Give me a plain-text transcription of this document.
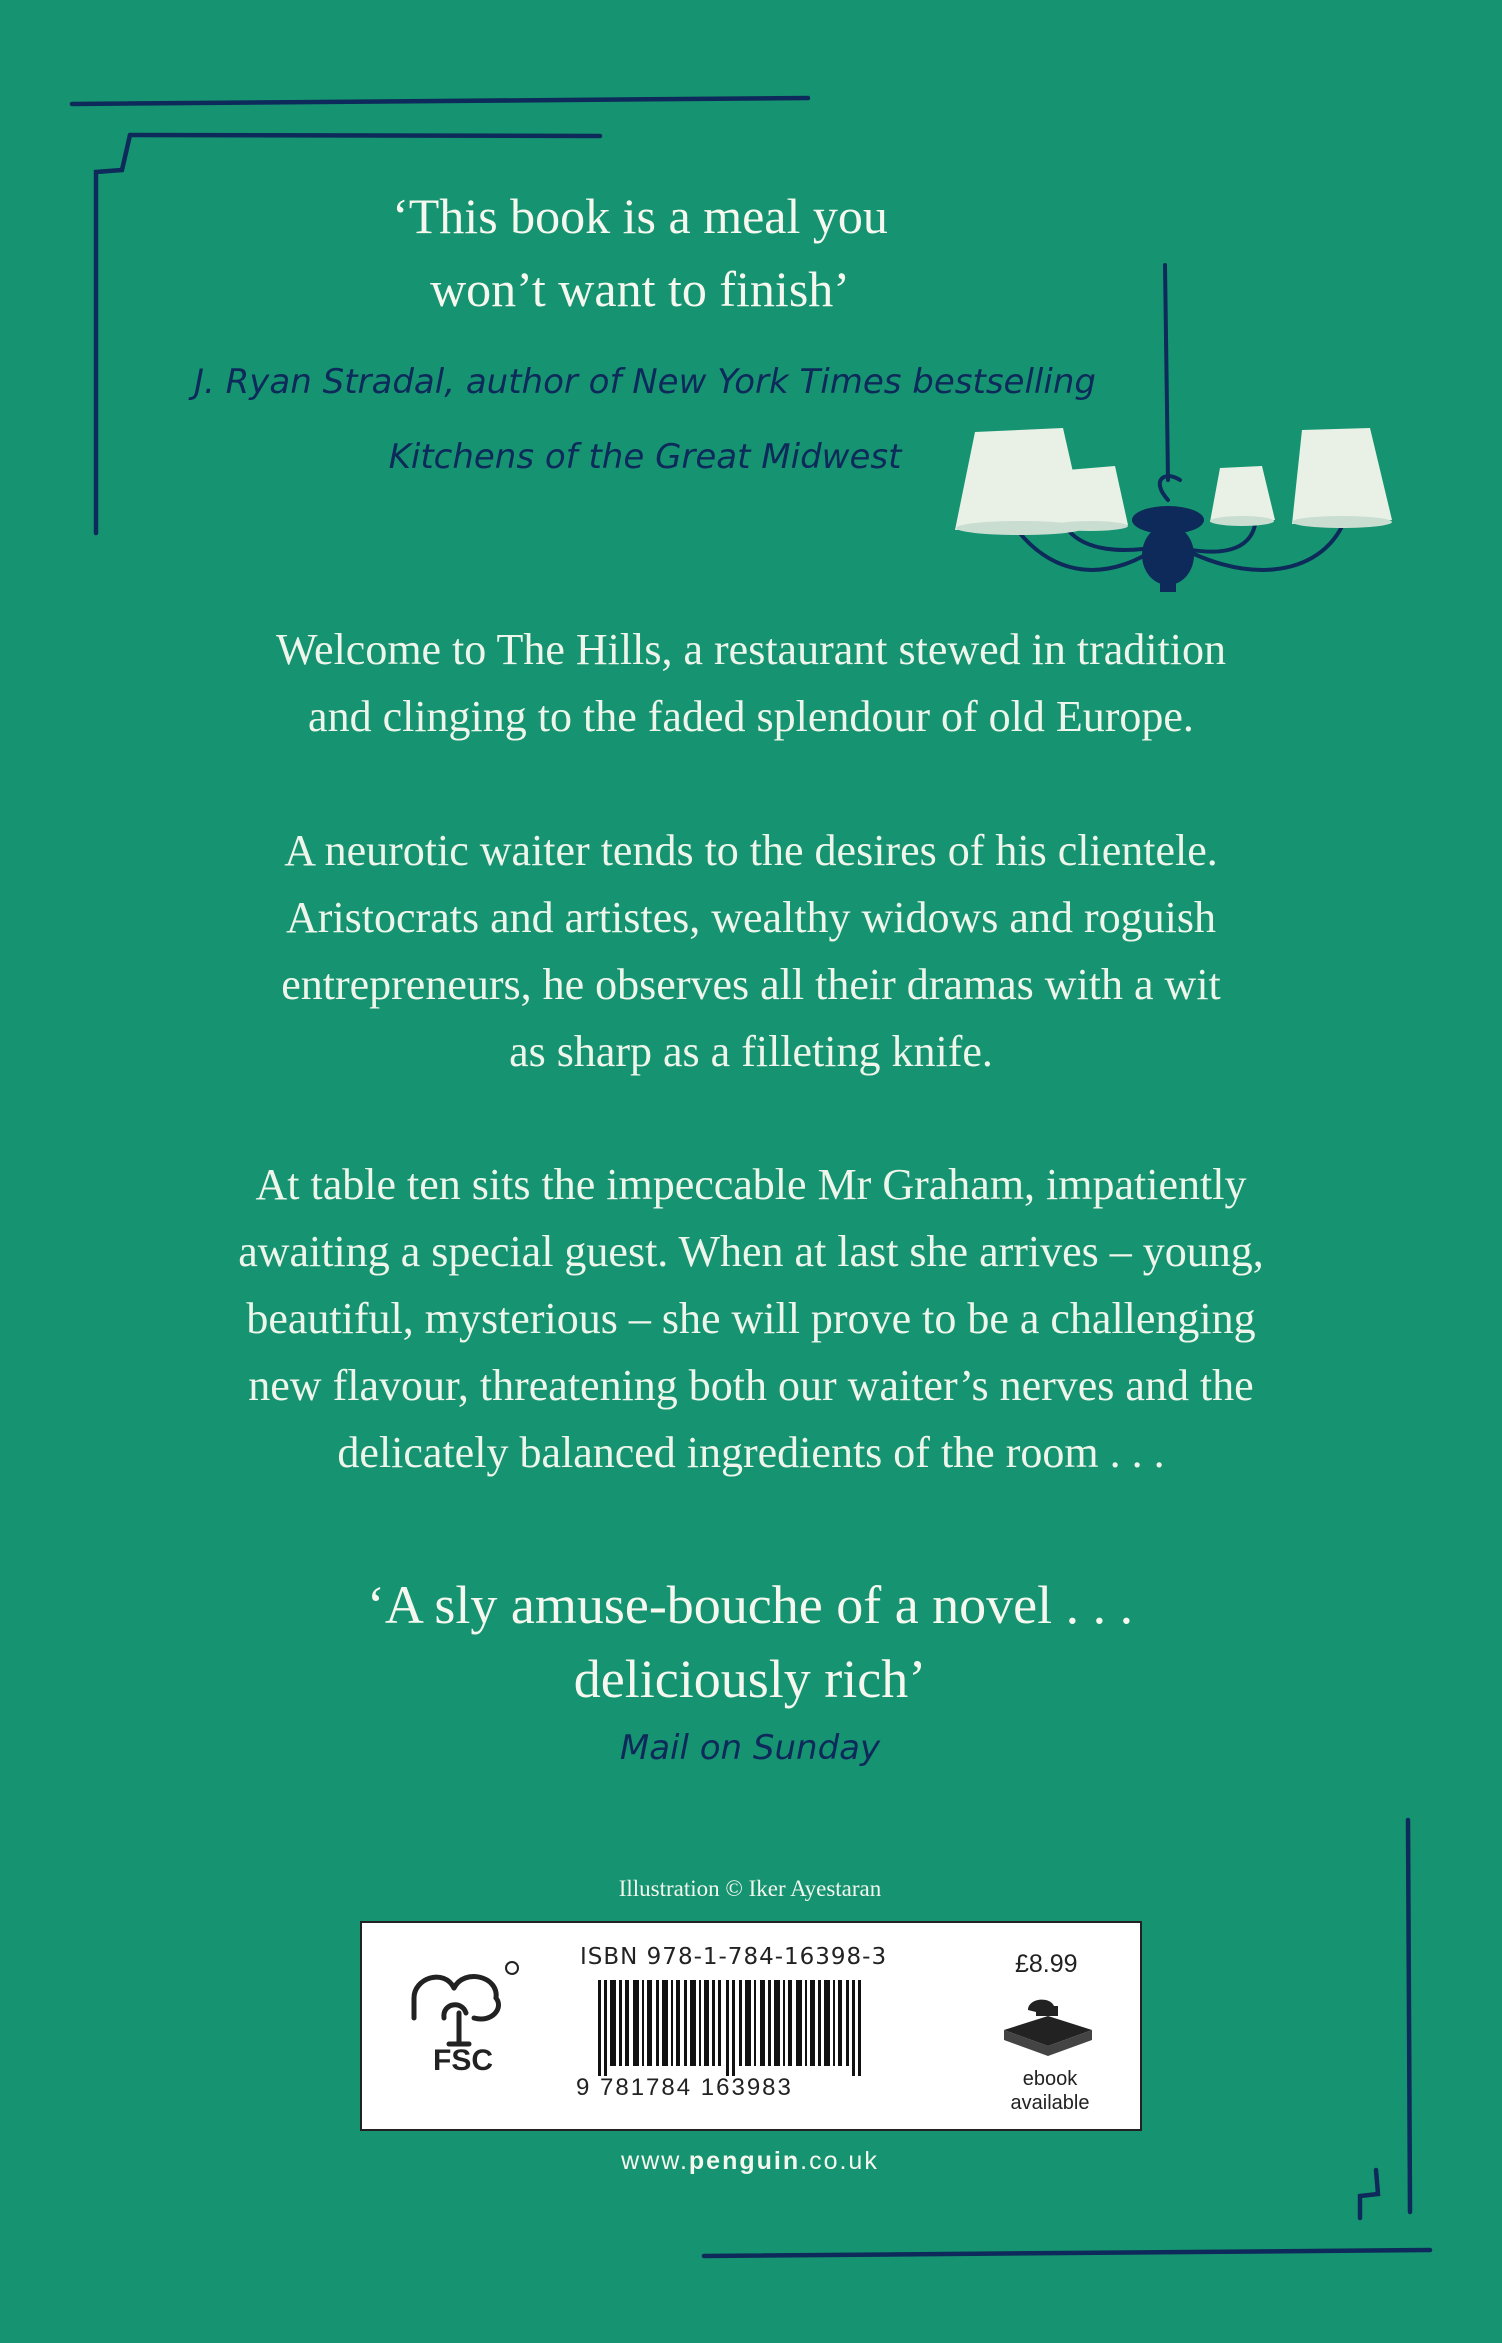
‘This book is a meal you
won’t want to finish’
J. Ryan Stradal, author of New York Times bestselling
Kitchens of the Great Midwest
Welcome to The Hills, a restaurant stewed in tradition
and clinging to the faded splendour of old Europe.
A neurotic waiter tends to the desires of his clientele.
Aristocrats and artistes, wealthy widows and roguish
entrepreneurs, he observes all their dramas with a wit
as sharp as a filleting knife.
At table ten sits the impeccable Mr Graham, impatiently
awaiting a special guest. When at last she arrives – young,
beautiful, mysterious – she will prove to be a challenging
new flavour, threatening both our waiter’s nerves and the
delicately balanced ingredients of the room . . .
‘A sly amuse-bouche of a novel . . .
deliciously rich’
Mail on Sunday
Illustration © Iker Ayestaran
FSC
ISBN 978-1-784-16398-3
9 781784 163983
£8.99
ebook
available
www.penguin.co.uk
